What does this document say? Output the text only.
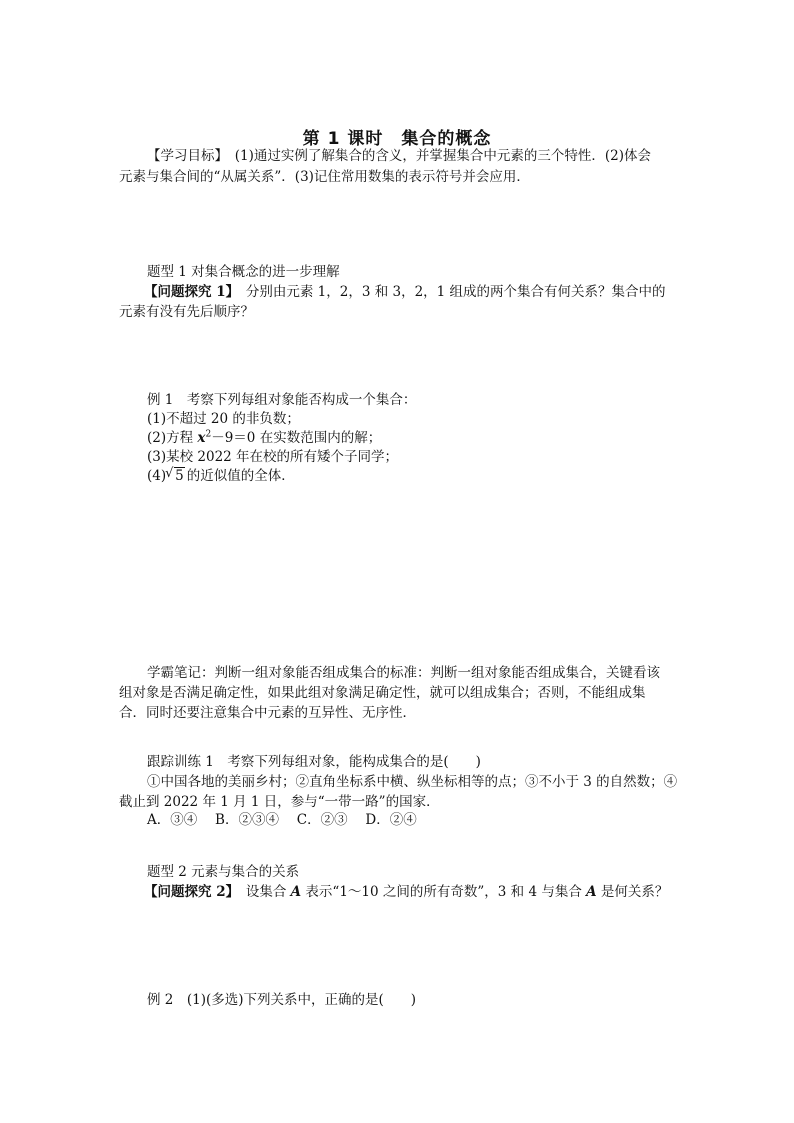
第 1 课时　集合的概念
【学习目标】　(1)通过实例了解集合的含义，并掌握集合中元素的三个特性．(2)体会
元素与集合间的“从属关系”．(3)记住常用数集的表示符号并会应用．
题型 1 对集合概念的进一步理解
【问题探究 1】　分别由元素 1，2，3 和 3，2，1 组成的两个集合有何关系？集合中的
元素有没有先后顺序？
例 1　考察下列每组对象能否构成一个集合：
(1)不超过 20 的非负数；
(2)方程 $x^2-9=0$ 在实数范围内的解；
(3)某校 2022 年在校的所有矮个子同学；
(4)√ 5 的近似值的全体．
学霸笔记：判断一组对象能否组成集合的标准：判断一组对象能否组成集合，关键看该
组对象是否满足确定性，如果此组对象满足确定性，就可以组成集合；否则，不能组成集
合．同时还要注意集合中元素的互异性、无序性．
跟踪训练 1　考察下列每组对象，能构成集合的是(　　)
①中国各地的美丽乡村；②直角坐标系中横、纵坐标相等的点；③不小于 3 的自然数；④
截止到 2022 年 1 月 1 日，参与“一带一路”的国家．
A．③④　 B．②③④　 C．②③　 D．②④
题型 2 元素与集合的关系
【问题探究 2】　设集合 A 表示“1～10 之间的所有奇数”，3 和 4 与集合 A 是何关系？
例 2　(1)(多选)下列关系中，正确的是(　　)
